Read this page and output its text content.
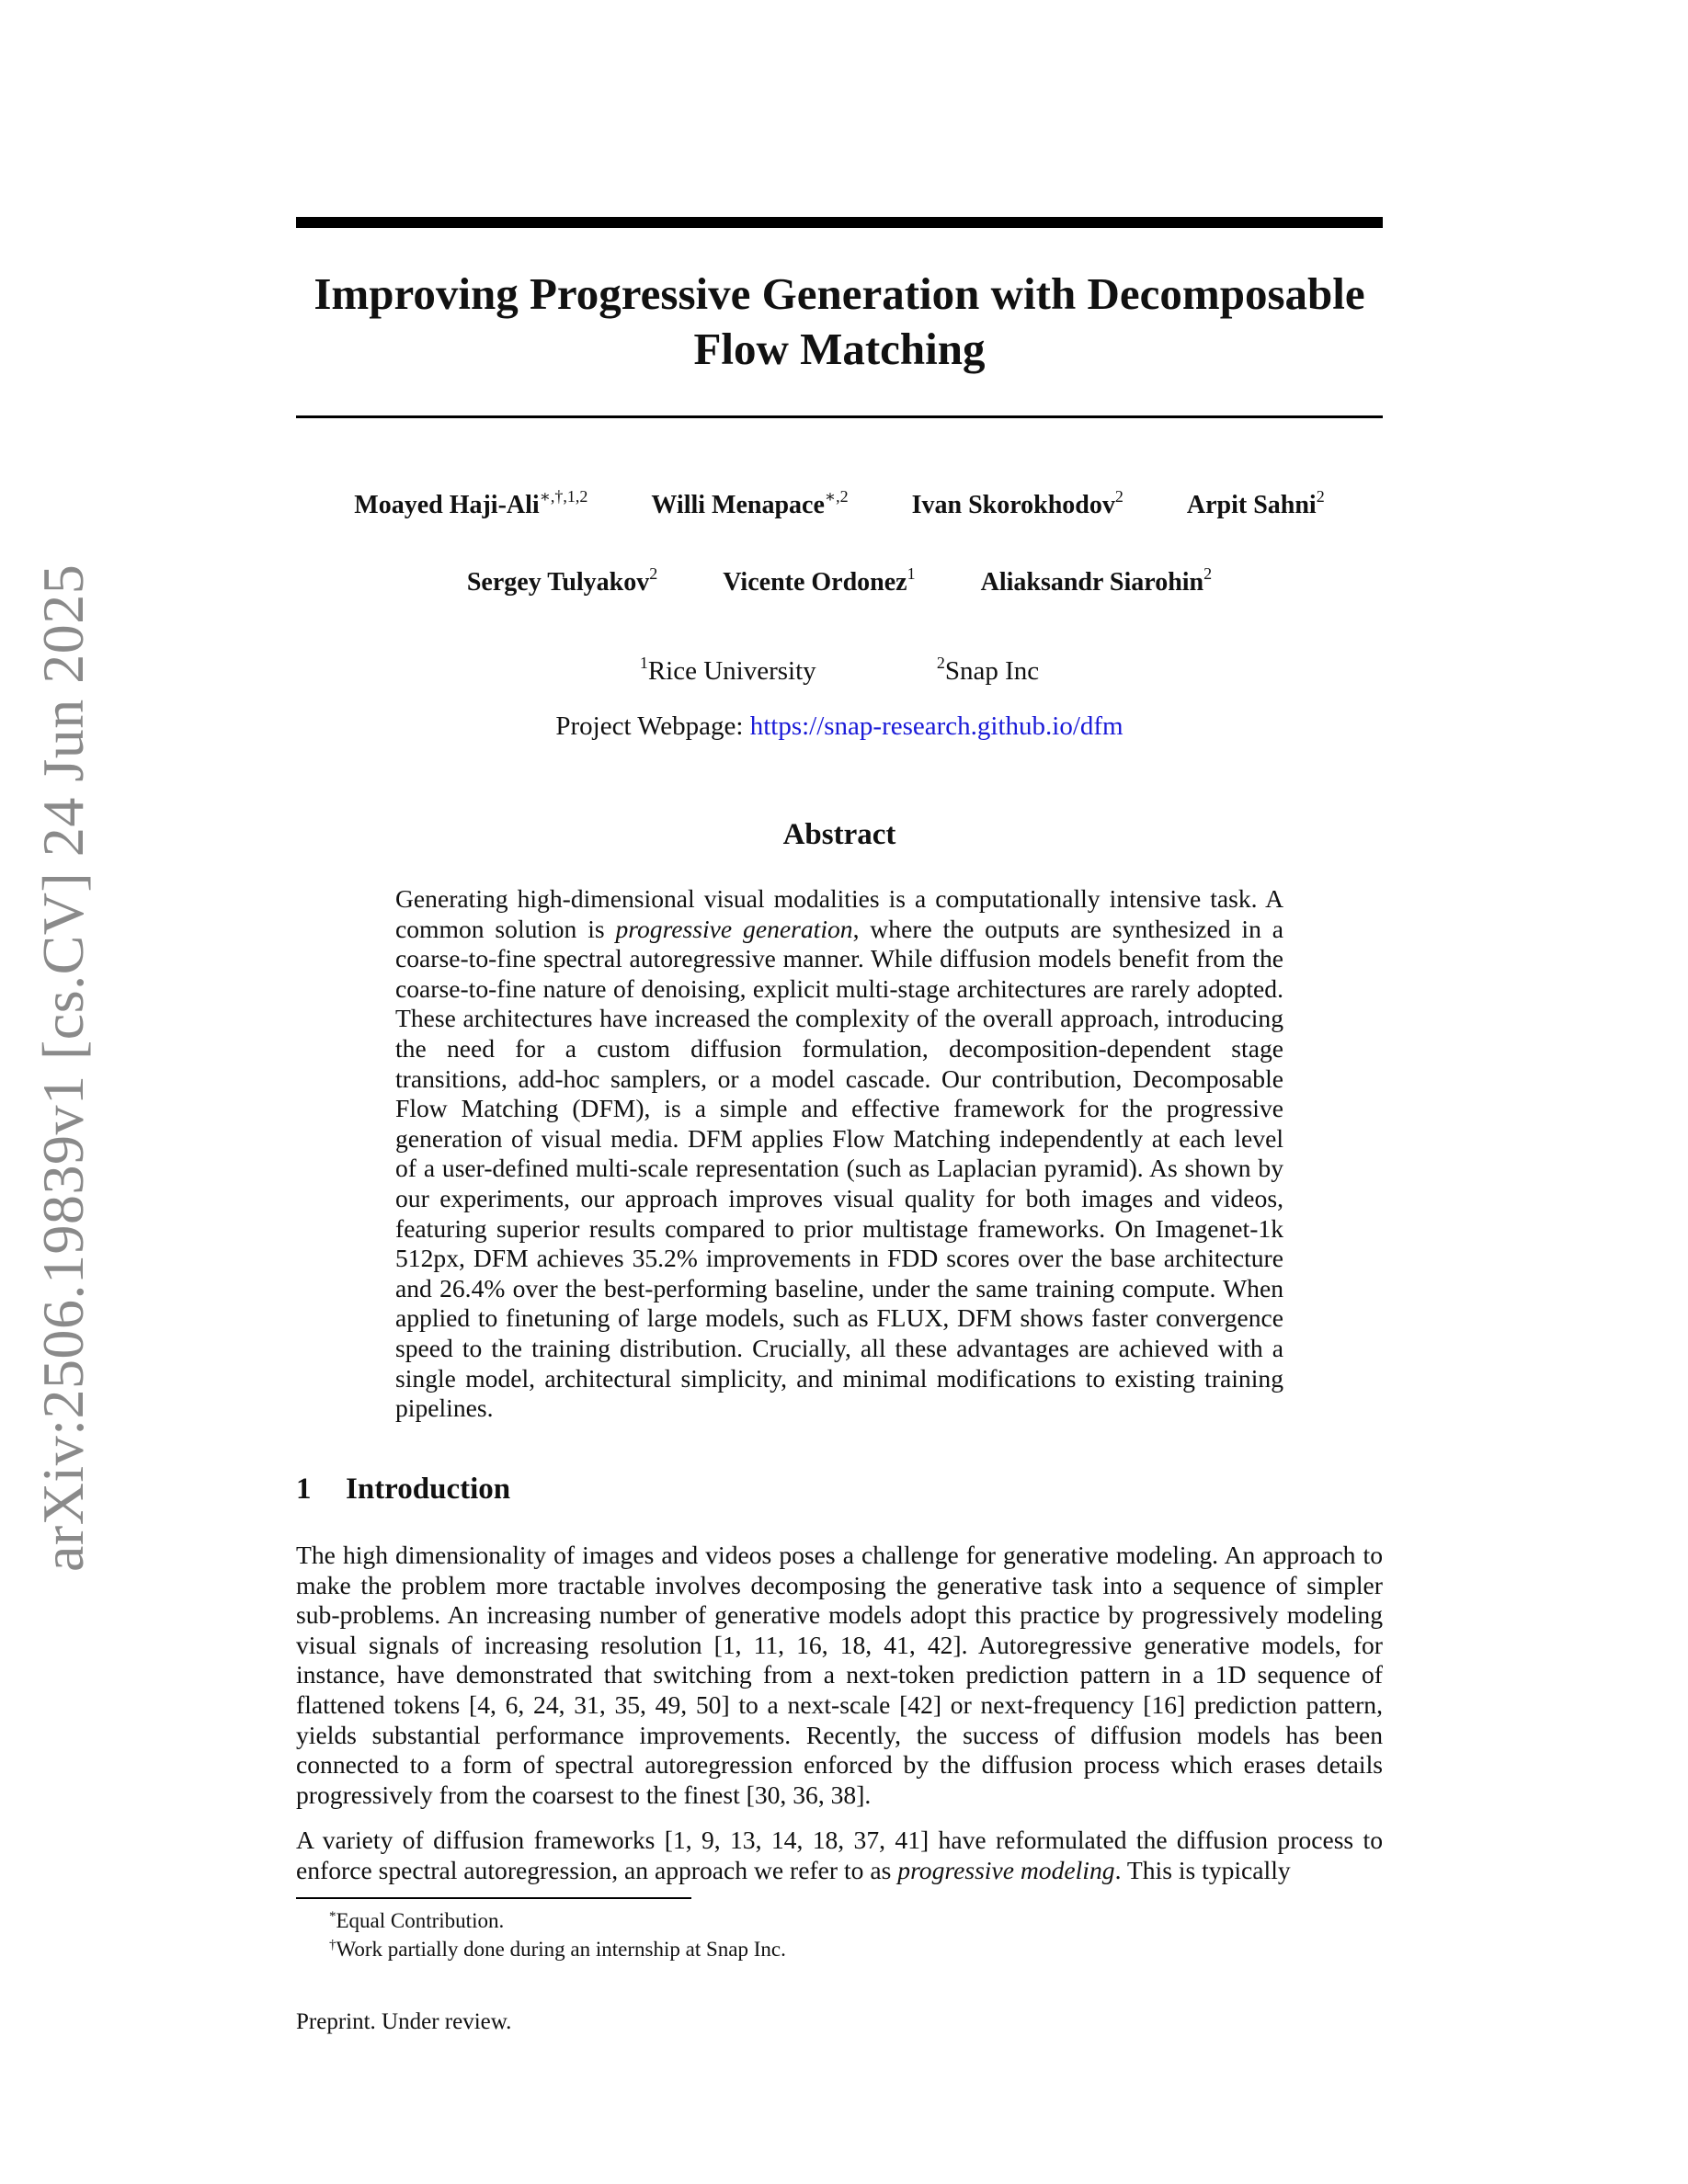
arXiv:2506.19839v1 [cs.CV] 24 Jun 2025
Improving Progressive Generation with Decomposable Flow Matching
Moayed Haji-Ali$^{∗,\dagger,1,2}$ Willi Menapace$^{∗,2}$ Ivan Skorokhodov$^2$ Arpit Sahni$^2$
Sergey Tulyakov$^2$	Vicente Ordonez$^1$	Aliaksandr Siarohin$^2$
$^1$Rice University	$^2$Snap Inc
Project Webpage: https://snap-research.github.io/dfm
Abstract

Generating high-dimensional visual modalities is a computationally intensive task. A common solution is progressive generation, where the outputs are synthesized in a coarse-to-fine spectral autoregressive manner. While diffusion models benefit from the coarse-to-fine nature of denoising, explicit multi-stage architectures are rarely adopted. These architectures have increased the complexity of the overall approach, introducing the need for a custom diffusion formulation, decomposition-dependent stage transitions, add-hoc samplers, or a model cascade. Our contribution, Decomposable Flow Matching (DFM), is a simple and effective framework for the progressive generation of visual media. DFM applies Flow Matching independently at each level of a user-defined multi-scale representation (such as Laplacian pyramid). As shown by our experiments, our approach improves visual quality for both images and videos, featuring superior results compared to prior multistage frameworks. On Imagenet-1k 512px, DFM achieves 35.2% improvements in FDD scores over the base architecture and 26.4% over the best-performing baseline, under the same training compute. When applied to finetuning of large models, such as FLUX, DFM shows faster convergence speed to the training distribution. Crucially, all these advantages are achieved with a single model, architectural simplicity, and minimal modifications to existing training pipelines.

1 Introduction

The high dimensionality of images and videos poses a challenge for generative modeling. An approach to make the problem more tractable involves decomposing the generative task into a sequence of simpler sub-problems. An increasing number of generative models adopt this practice by progressively modeling visual signals of increasing resolution [1, 11, 16, 18, 41, 42]. Autoregressive generative models, for instance, have demonstrated that switching from a next-token prediction pattern in a 1D sequence of flattened tokens [4, 6, 24, 31, 35, 49, 50] to a next-scale [42] or next-frequency [16] prediction pattern, yields substantial performance improvements. Recently, the success of diffusion models has been connected to a form of spectral autoregression enforced by the diffusion process which erases details progressively from the coarsest to the finest [30, 36, 38].

A variety of diffusion frameworks [1, 9, 13, 14, 18, 37, 41] have reformulated the diffusion process to enforce spectral autoregression, an approach we refer to as progressive modeling. This is typically

*Equal Contribution.
†Work partially done during an internship at Snap Inc.
Preprint. Under review.
